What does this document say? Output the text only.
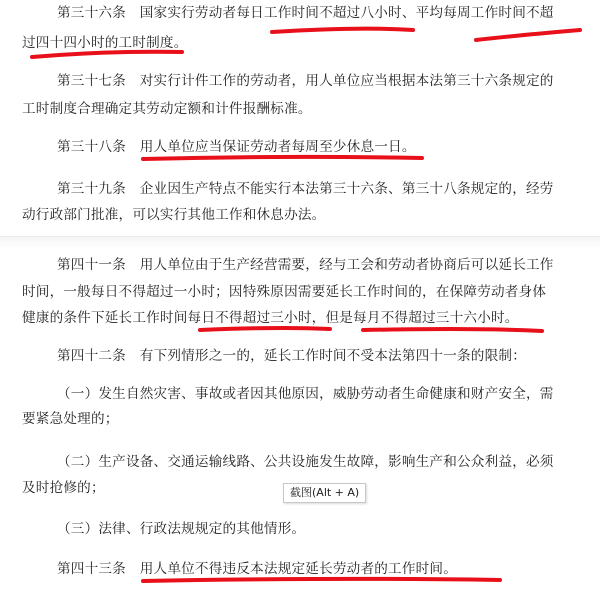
第三十六条　国家实行劳动者每日工作时间不超过八小时、平均每周工作时间不超
过四十四小时的工时制度。
第三十七条　对实行计件工作的劳动者，用人单位应当根据本法第三十六条规定的
工时制度合理确定其劳动定额和计件报酬标准。
第三十八条　用人单位应当保证劳动者每周至少休息一日。
第三十九条　企业因生产特点不能实行本法第三十六条、第三十八条规定的，经劳
动行政部门批准，可以实行其他工作和休息办法。
第四十一条　用人单位由于生产经营需要，经与工会和劳动者协商后可以延长工作
时间，一般每日不得超过一小时；因特殊原因需要延长工作时间的，在保障劳动者身体
健康的条件下延长工作时间每日不得超过三小时，但是每月不得超过三十六小时。
第四十二条　有下列情形之一的，延长工作时间不受本法第四十一条的限制：
（一）发生自然灾害、事故或者因其他原因，威胁劳动者生命健康和财产安全，需
要紧急处理的；
（二）生产设备、交通运输线路、公共设施发生故障，影响生产和公众利益，必须
及时抢修的；
（三）法律、行政法规规定的其他情形。
第四十三条　用人单位不得违反本法规定延长劳动者的工作时间。
截图(Alt + A)
